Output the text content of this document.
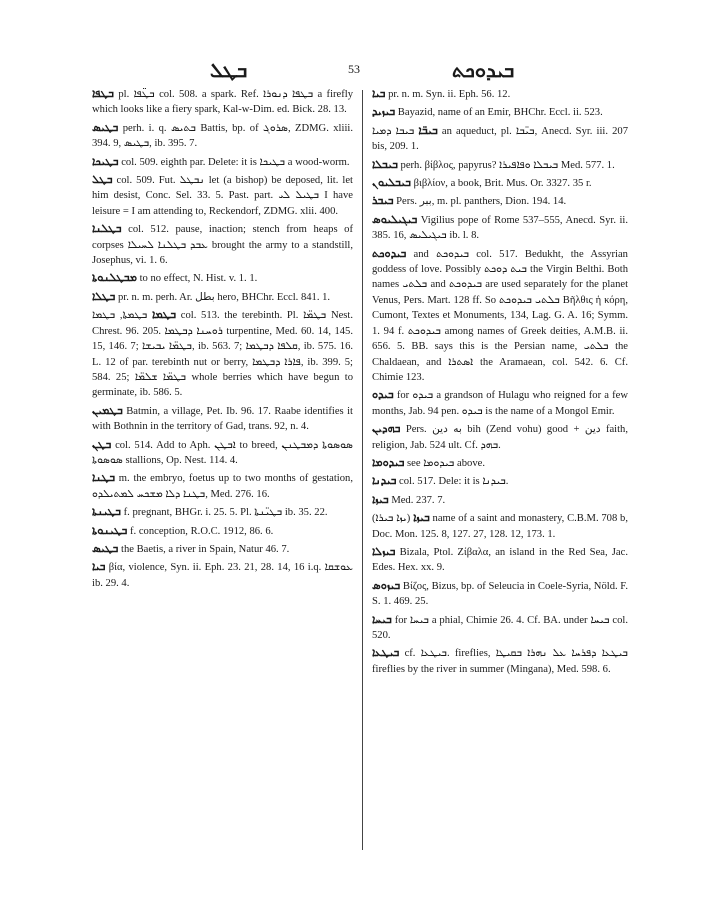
ܒܛܠ	53	ܒܝܕܘܟܬ

ܒܛܦܐ pl. ܒܛ̈ܦܐ col. 508. a spark. Ref. ܒܛܦܐ ܕܢܘܪܐ a firefly which looks like a fiery spark, Kal-w-Dim. ed. Bick. 28. 13.

ܒܛܝܣ perh. i. q. ܒܬܝܣ Battis, bp. of ܣܪܘܓ, ZDMG. xliii. 394. 9, ܒܛܝܣ, ib. 395. 7.

ܒܛܝܟܐ col. 509. eighth par. Delete: it is ܒܛܝܟܐ a wood-worm.

ܒܛܠ col. 509. Fut. ܢܒܛܠ let (a bishop) be deposed, lit. let him desist, Conc. Sel. 33. 5. Past. part. ܒܛܝܠ ܠܝ I have leisure = I am attending to, Reckendorf, ZDMG. xlii. 400.

ܒܛܠܢܐ col. 512. pause, inaction; stench from heaps of corpses ܥܒܕ ܒܛܠܢܐ ܠܚܝܠܐ brought the army to a standstill, Josephus, vi. 1. 6.

ܡܒܛܠܢܘܬܐ to no effect, N. Hist. v. 1. 1.

ܒܛܠܐ pr. n. m. perh. Ar. بطل hero, BHChr. Eccl. 841. 1.

ܒܛܡܐ ܒܛܡܬܐ, ܒܛܡܐ col. 513. the terebinth. Pl. ܒܛܡ̈ܐ Nest. Chrest. 96. 205. ܪܘܚܢܐ ܕܒܛܡܐ turpentine, Med. 60. 14, 145. 15, 146. 7; ܒܛܡ̈ܐ ܝܒܝܫܐ, ib. 563. 7; ܩܠܦܐ ܕܒܛܡܐ, ib. 575. 16. L. 12 of par. terebinth nut or berry, ܦܐܪܐ ܕܒܛܡܐ, ib. 399. 5; 584. 25; ܒܛܡ̈ܐ ܫܠܡ̈ܐ whole berries which have begun to germinate, ib. 586. 5.

ܒܛܡܝܢ Batmin, a village, Pet. Ib. 96. 17. Raabe identifies it with Bothnin in the territory of Gad, trans. 92, n. 4.

ܒܛܢ col. 514. Add to Aph. ܐܒܛܢ to breed, ܣܘܣܘܬܐ ܕܡܒܛܢܢ ܣܘܣܘܬܐ stallions, Op. Nest. 114. 4.

ܒܛܢܐ m. the embryo, foetus up to two months of gestation, ܒܛܢܐ ܕܠܐ ܡܫܟܚ ܠܡܬܝܠܕܘ, Med. 276. 16.

ܒܛܝܢܬܐ f. pregnant, BHGr. i. 25. 5. Pl. ܒܛܝ̈ܢܬܐ ib. 35. 22.

ܒܛܝܢܘܬܐ f. conception, R.O.C. 1912, 86. 6.

ܒܛܝܣ the Baetis, a river in Spain, Natur 46. 7.

ܒܝܐ βία, violence, Syn. ii. Eph. 23. 21, 28. 14, 16 i.q. ܥܘܫܩܐ ib. 29. 4.

ܒܝܐ pr. n. m. Syn. ii. Eph. 56. 12.

ܒܝܙܝܕ Bayazid, name of an Emir, BHChr. Eccl. ii. 523.

ܒܝܒ̈ܐ ܒܝܒܐ ܕܡܝܐ an aqueduct, pl. ܒܝ̈ܒܐ, Anecd. Syr. iii. 207 bis, 209. 1.

ܒܝܒܠܐ perh. βίβλος, papyrus? ܒܝܒܠܐ ܘܦܐܦܝܪܐ Med. 577. 1.

ܒܝܒܠܝܘܢ βιβλίον, a book, Brit. Mus. Or. 3327. 35 r.

ܒܝܒܪ Pers. ببر, m. pl. panthers, Dion. 194. 14.

ܒܝܓܝܠܝܘܣ Vigilius pope of Rome 537–555, Anecd. Syr. ii. 385. 16, ܒܝܓܝܠܝܣ ib. l. 8.

ܒܝܕܘܟܬ and ܒܝܕܘܟܬ col. 517. Bedukht, the Assyrian goddess of love. Possibly ܒܝܬ ܕܘܟܬ the Virgin Belthi. Both names ܒܠܬܝ and ܒܝܕܘܟܬ are used separately for the planet Venus, Pers. Mart. 128 ff. So ܒܠܬܝ ܒܝܕܘܟܬ Βῆλθις ἡ κόρη, Cumont, Textes et Monuments, 134, Lag. G. A. 16; Symm. 1. 94 f. ܒܝܕܘܟܬ among names of Greek deities, A.M.B. ii. 656. 5. BB. says this is the Persian name, ܒܠܬܝ the Chaldaean, and ܐܣܬܪܐ the Aramaean, col. 542. 6. Cf. Chimie 123.

ܒܝܕܘ for ܒܝܕܘ a grandson of Hulagu who reigned for a few months, Jab. 94 pen. ܒܝܕܘ is the name of a Mongol Emir.

ܒܗܕܝܢ Pers. به دین bih (Zend vohu) good + دین faith, religion, Jab. 524 ult. Cf. ܒܗܕ.

ܒܝܕܘܡܐ see ܒܝܕܘܡܐ above.

ܒܝܕܢܐ col. 517. Dele: it is ܒܝܕܢܐ.

ܒܝܙܐ Med. 237. 7.

ܒܝܙܐ (ܝܙܐ ܒܝܪܐ) name of a saint and monastery, C.B.M. 708 b, Doc. Mon. 125. 8, 127. 27, 128. 12, 173. 1.

ܒܝܙܠܐ Bizala, Ptol. Ζίβαλα, an island in the Red Sea, Jac. Edes. Hex. xx. 9.

ܒܝܙܘܣ Βίζος, Bizus, bp. of Seleucia in Coele-Syria, Nöld. F. S. 1. 469. 25.

ܒܝܚܐ for ܒܝܚܐ a phial, Chimie 26. 4. Cf. BA. under ܒܝܚܐ col. 520.

ܒܝܛܥܐ cf. ܒܝܛܥܐ. fireflies, ܒܝܛܥܐ ܕܦܪܚܐ ܥܠ ܢܗܪܐ ܒܩܝܛܐ fireflies by the river in summer (Mingana), Med. 598. 6.
